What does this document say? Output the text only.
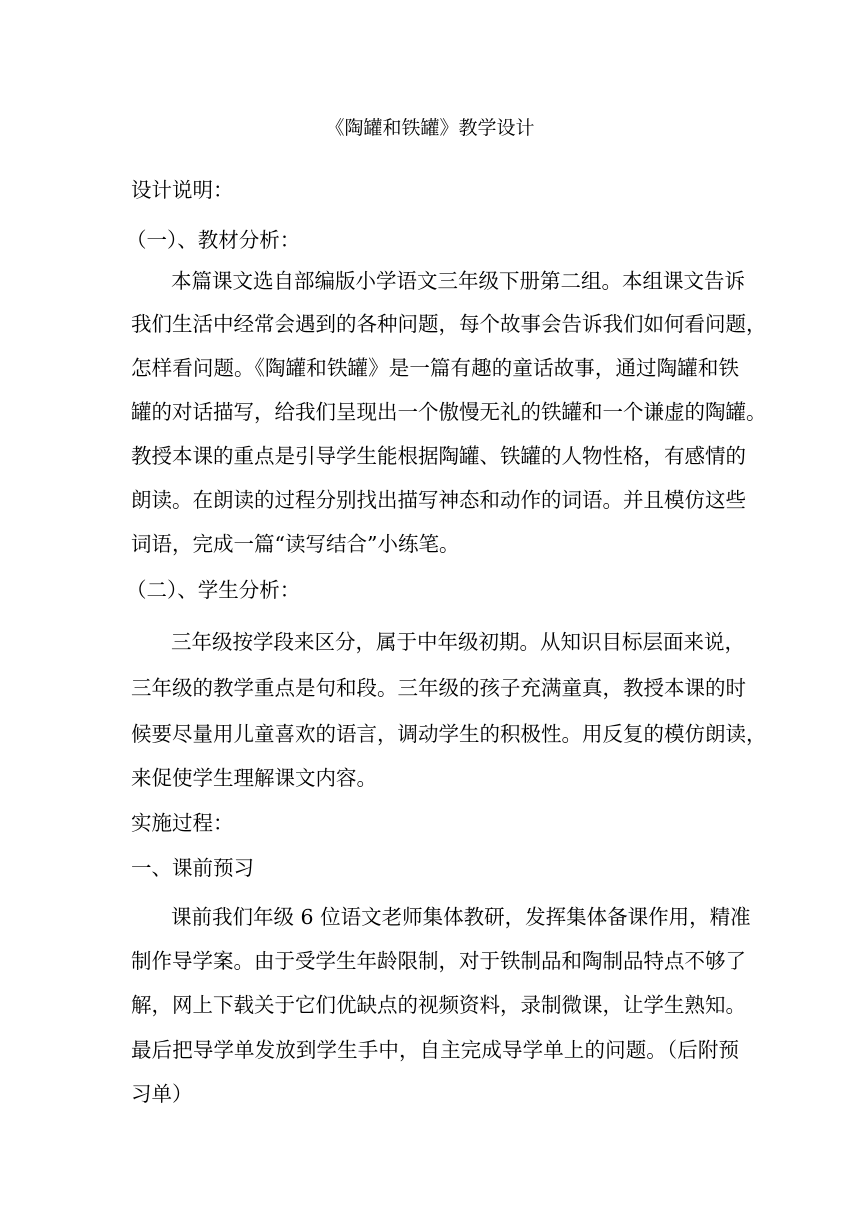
《陶罐和铁罐》教学设计
设计说明：
（一）、教材分析：
本篇课文选自部编版小学语文三年级下册第二组。本组课文告诉
我们生活中经常会遇到的各种问题，每个故事会告诉我们如何看问题，
怎样看问题。《陶罐和铁罐》是一篇有趣的童话故事，通过陶罐和铁
罐的对话描写，给我们呈现出一个傲慢无礼的铁罐和一个谦虚的陶罐。
教授本课的重点是引导学生能根据陶罐、铁罐的人物性格，有感情的
朗读。在朗读的过程分别找出描写神态和动作的词语。并且模仿这些
词语，完成一篇“读写结合”小练笔。
（二）、学生分析：
三年级按学段来区分，属于中年级初期。从知识目标层面来说，
三年级的教学重点是句和段。三年级的孩子充满童真，教授本课的时
候要尽量用儿童喜欢的语言，调动学生的积极性。用反复的模仿朗读，
来促使学生理解课文内容。
实施过程：
一、课前预习
课前我们年级 6 位语文老师集体教研，发挥集体备课作用，精准
制作导学案。由于受学生年龄限制，对于铁制品和陶制品特点不够了
解，网上下载关于它们优缺点的视频资料，录制微课，让学生熟知。
最后把导学单发放到学生手中，自主完成导学单上的问题。（后附预
习单）
